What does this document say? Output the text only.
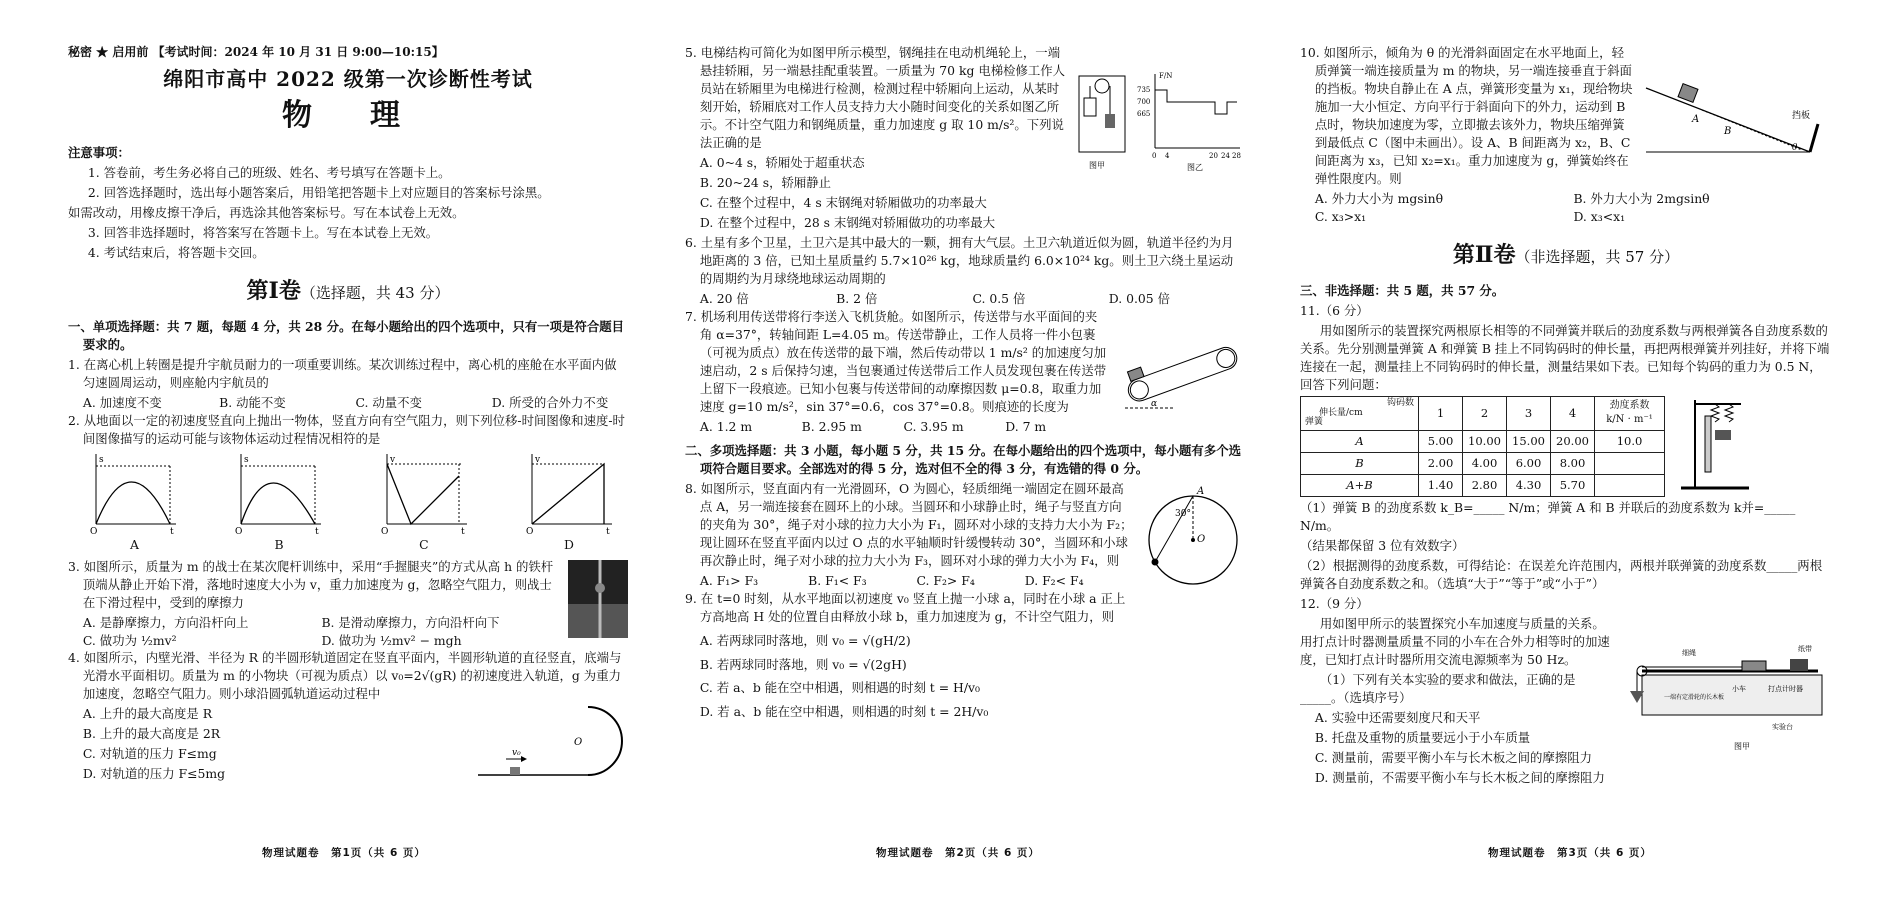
秘密 ★ 启用前 【考试时间：2024 年 10 月 31 日 9:00—10:15】

绵阳市高中 2022 级第一次诊断性考试
物　理

注意事项：

1. 答卷前，考生务必将自己的班级、姓名、考号填写在答题卡上。

2. 回答选择题时，选出每小题答案后，用铅笔把答题卡上对应题目的答案标号涂黑。

如需改动，用橡皮擦干净后，再选涂其他答案标号。写在本试卷上无效。

3. 回答非选择题时，将答案写在答题卡上。写在本试卷上无效。

4. 考试结束后，将答题卡交回。

第Ⅰ卷（选择题，共 43 分）

一、单项选择题：共 7 题，每题 4 分，共 28 分。在每小题给出的四个选项中，只有一项是符合题目要求的。

1. 在离心机上转圈是提升宇航员耐力的一项重要训练。某次训练过程中，离心机的座舱在水平面内做匀速圆周运动，则座舱内宇航员的

A. 加速度不变	B. 动能不变	C. 动量不变	D. 所受的合外力不变

2. 从地面以一定的初速度竖直向上抛出一物体，竖直方向有空气阻力，则下列位移-时间图像和速度-时间图像描写的运动可能与该物体运动过程情况相符的是

s
t
O
s
t
O
v
t
O
v
t
O
A	B	C	D

3. 如图所示，质量为 m 的战士在某次爬杆训练中，采用“手握腿夹”的方式从高 h 的铁杆顶端从静止开始下滑，落地时速度大小为 v，重力加速度为 g，忽略空气阻力，则战士在下滑过程中，受到的摩擦力

A. 是静摩擦力，方向沿杆向上	B. 是滑动摩擦力，方向沿杆向下
C. 做功为 ½mv²	D. 做功为 ½mv² − mgh

4. 如图所示，内壁光滑、半径为 R 的半圆形轨道固定在竖直平面内，半圆形轨道的直径竖直，底端与光滑水平面相切。质量为 m 的小物块（可视为质点）以 v₀=2√(gR) 的初速度进入轨道，g 为重力加速度，忽略空气阻力。则小球沿圆弧轨道运动过程中

v₀
O

A. 上升的最大高度是 R

B. 上升的最大高度是 2R

C. 对轨道的压力 F≤mg

D. 对轨道的压力 F≤5mg

物理试题卷　第1页（共 6 页）
图甲
F/N
735
700
665
0 4	20 24 28
图乙

5. 电梯结构可简化为如图甲所示模型，钢绳挂在电动机绳轮上，一端悬挂轿厢，另一端悬挂配重装置。一质量为 70 kg 电梯检修工作人员站在轿厢里为电梯进行检测，检测过程中轿厢向上运动，从某时刻开始，轿厢底对工作人员支持力大小随时间变化的关系如图乙所示。不计空气阻力和钢绳质量，重力加速度 g 取 10 m/s²。下列说法正确的是

A. 0~4 s，轿厢处于超重状态

B. 20~24 s，轿厢静止

C. 在整个过程中，4 s 末钢绳对轿厢做功的功率最大

D. 在整个过程中，28 s 末钢绳对轿厢做功的功率最大

6. 土星有多个卫星，土卫六是其中最大的一颗，拥有大气层。土卫六轨道近似为圆，轨道半径约为月地距离的 3 倍，已知土星质量约 5.7×10²⁶ kg，地球质量约 6.0×10²⁴ kg。则土卫六绕土星运动的周期约为月球绕地球运动周期的

A. 20 倍	B. 2 倍	C. 0.5 倍	D. 0.05 倍
α

7. 机场利用传送带将行李送入飞机货舱。如图所示，传送带与水平面间的夹角 α=37°，转轴间距 L=4.05 m。传送带静止，工作人员将一件小包裹（可视为质点）放在传送带的最下端，然后传动带以 1 m/s² 的加速度匀加速启动，2 s 后保持匀速，当包裹通过传送带后工作人员发现包裹在传送带上留下一段痕迹。已知小包裹与传送带间的动摩擦因数 μ=0.8，取重力加速度 g=10 m/s²，sin 37°=0.6，cos 37°=0.8。则痕迹的长度为

A. 1.2 m	B. 2.95 m	C. 3.95 m	D. 7 m

二、多项选择题：共 3 小题，每小题 5 分，共 15 分。在每小题给出的四个选项中，每小题有多个选项符合题目要求。全部选对的得 5 分，选对但不全的得 3 分，有选错的得 0 分。

A
O
30°

8. 如图所示，竖直面内有一光滑圆环，O 为圆心，轻质细绳一端固定在圆环最高点 A，另一端连接套在圆环上的小球。当圆环和小球静止时，绳子与竖直方向的夹角为 30°，绳子对小球的拉力大小为 F₁，圆环对小球的支持力大小为 F₂；现让圆环在竖直平面内以过 O 点的水平轴顺时针缓慢转动 30°，当圆环和小球再次静止时，绳子对小球的拉力大小为 F₃，圆环对小球的弹力大小为 F₄，则

A. F₁> F₃	B. F₁< F₃	C. F₂> F₄	D. F₂< F₄

9. 在 t=0 时刻，从水平地面以初速度 v₀ 竖直上抛一小球 a，同时在小球 a 正上方高地高 H 处的位置自由释放小球 b，重力加速度为 g，不计空气阻力，则

A. 若两球同时落地，则 v₀ = √(gH/2)

B. 若两球同时落地，则 v₀ = √(2gH)

C. 若 a、b 能在空中相遇，则相遇的时刻 t = H/v₀

D. 若 a、b 能在空中相遇，则相遇的时刻 t = 2H/v₀

物理试题卷　第2页（共 6 页）
A
B
θ
挡板

10. 如图所示，倾角为 θ 的光滑斜面固定在水平地面上，轻质弹簧一端连接质量为 m 的物块，另一端连接垂直于斜面的挡板。物块自静止在 A 点，弹簧形变量为 x₁，现给物块施加一大小恒定、方向平行于斜面向下的外力，运动到 B 点时，物块加速度为零，立即撤去该外力，物块压缩弹簧到最低点 C（图中未画出）。设 A、B 间距离为 x₂，B、C 间距离为 x₃，已知 x₂=x₁。重力加速度为 g，弹簧始终在弹性限度内。则

A. 外力大小为 mgsinθ	B. 外力大小为 2mgsinθ
C. x₃>x₁	D. x₃<x₁
第Ⅱ卷（非选择题，共 57 分）

三、非选择题：共 5 题，共 57 分。

11.（6 分）

用如图所示的装置探究两根原长相等的不同弹簧并联后的劲度系数与两根弹簧各自劲度系数的关系。先分别测量弹簧 A 和弹簧 B 挂上不同钩码时的伸长量，再把两根弹簧并列挂好，并将下端连接在一起，测量挂上不同钩码时的伸长量，测量结果如下表。已知每个钩码的重力为 0.5 N，回答下列问题：

钩码数
伸长量/cm
弹簧	1	2	3	4	劲度系数 k/N · m⁻¹
A	5.00	10.00	15.00	20.00	10.0
B	2.00	4.00	6.00	8.00	
A+B	1.40	2.80	4.30	5.70	

（1）弹簧 B 的劲度系数 k_B=_____ N/m；弹簧 A 和 B 并联后的劲度系数为 k并=_____ N/m。

（结果都保留 3 位有效数字）

（2）根据测得的劲度系数，可得结论：在误差允许范围内，两根并联弹簧的劲度系数_____两根弹簧各自劲度系数之和。（选填“大于”“等于”或“小于”）

12.（9 分）

细绳	纸带
一端有定滑轮的长木板
小车	打点计时器
实验台
图甲

用如图甲所示的装置探究小车加速度与质量的关系。用打点计时器测量质量不同的小车在合外力相等时的加速度，已知打点计时器所用交流电源频率为 50 Hz。

（1）下列有关本实验的要求和做法，正确的是_____。（选填序号）

A. 实验中还需要刻度尺和天平

B. 托盘及重物的质量要远小于小车质量

C. 测量前，需要平衡小车与长木板之间的摩擦阻力

D. 测量前，不需要平衡小车与长木板之间的摩擦阻力

物理试题卷　第3页（共 6 页）
